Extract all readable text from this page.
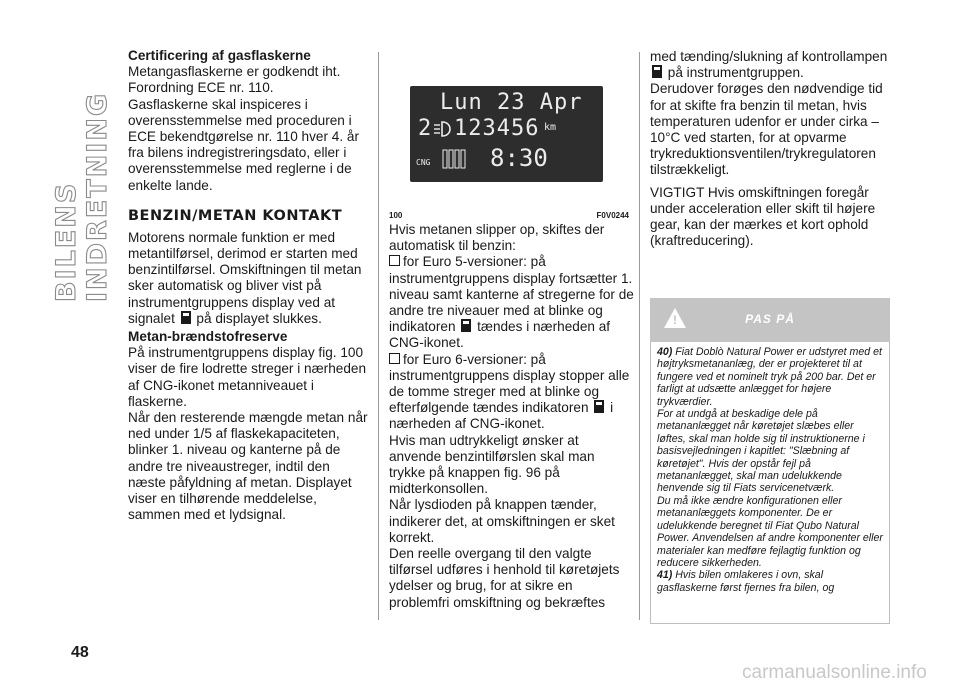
BILENS INDRETNING
48
Certificering af gasflaskerne

Metangasflaskerne er godkendt iht. Forordning ECE nr. 110.

Gasflaskerne skal inspiceres i overensstemmelse med proceduren i ECE bekendtgørelse nr. 110 hver 4. år fra bilens indregistreringsdato, eller i overensstemmelse med reglerne i de enkelte lande.

BENZIN/METAN KONTAKT

Motorens normale funktion er med metantilførsel, derimod er starten med benzintilførsel. Omskiftningen til metan sker automatisk og bliver vist på instrumentgruppens display ved at signalet på displayet slukkes.

Metan-brændstofreserve

På instrumentgruppens display fig. 100 viser de fire lodrette streger i nærheden af CNG-ikonet metanniveauet i flaskerne.

Når den resterende mængde metan når ned under 1/5 af flaskekapaciteten, blinker 1. niveau og kanterne på de andre tre niveaustreger, indtil den næste påfyldning af metan. Displayet viser en tilhørende meddelelse, sammen med et lydsignal.

Lun 23 Apr
2 123456 km
CNG 8:30
100	F0V0244

Hvis metanen slipper op, skiftes der automatisk til benzin:

for Euro 5-versioner: på instrumentgruppens display fortsætter 1. niveau samt kanterne af stregerne for de andre tre niveauer med at blinke og indikatoren tændes i nærheden af CNG-ikonet.

for Euro 6-versioner: på instrumentgruppens display stopper alle de tomme streger med at blinke og efterfølgende tændes indikatoren i nærheden af CNG-ikonet.

Hvis man udtrykkeligt ønsker at anvende benzintilførslen skal man trykke på knappen fig. 96 på midterkonsollen.

Når lysdioden på knappen tænder, indikerer det, at omskiftningen er sket korrekt.

Den reelle overgang til den valgte tilførsel udføres i henhold til køretøjets ydelser og brug, for at sikre en problemfri omskiftning og bekræftes

med tænding/slukning af kontrollampen  på instrumentgruppen.

Derudover forøges den nødvendige tid for at skifte fra benzin til metan, hvis temperaturen udenfor er under cirka –10°C ved starten, for at opvarme trykreduktionsventilen/trykregulatoren tilstrækkeligt.

VIGTIGT Hvis omskiftningen foregår under acceleration eller skift til højere gear, kan der mærkes et kort ophold (kraftreducering).

!	PAS PÅ

40) Fiat Doblò Natural Power er udstyret med et højtryksmetananlæg, der er projekteret til at fungere ved et nominelt tryk på 200 bar. Det er farligt at udsætte anlægget for højere trykværdier.

For at undgå at beskadige dele på metananlægget når køretøjet slæbes eller løftes, skal man holde sig til instruktionerne i basisvejledningen i kapitlet: "Slæbning af køretøjet". Hvis der opstår fejl på metananlægget, skal man udelukkende henvende sig til Fiats servicenetværk.

Du må ikke ændre konfigurationen eller metananlæggets komponenter. De er udelukkende beregnet til Fiat Qubo Natural Power. Anvendelsen af andre komponenter eller materialer kan medføre fejlagtig funktion og reducere sikkerheden.

41) Hvis bilen omlakeres i ovn, skal gasflaskerne først fjernes fra bilen, og

carmanualsonline.info
